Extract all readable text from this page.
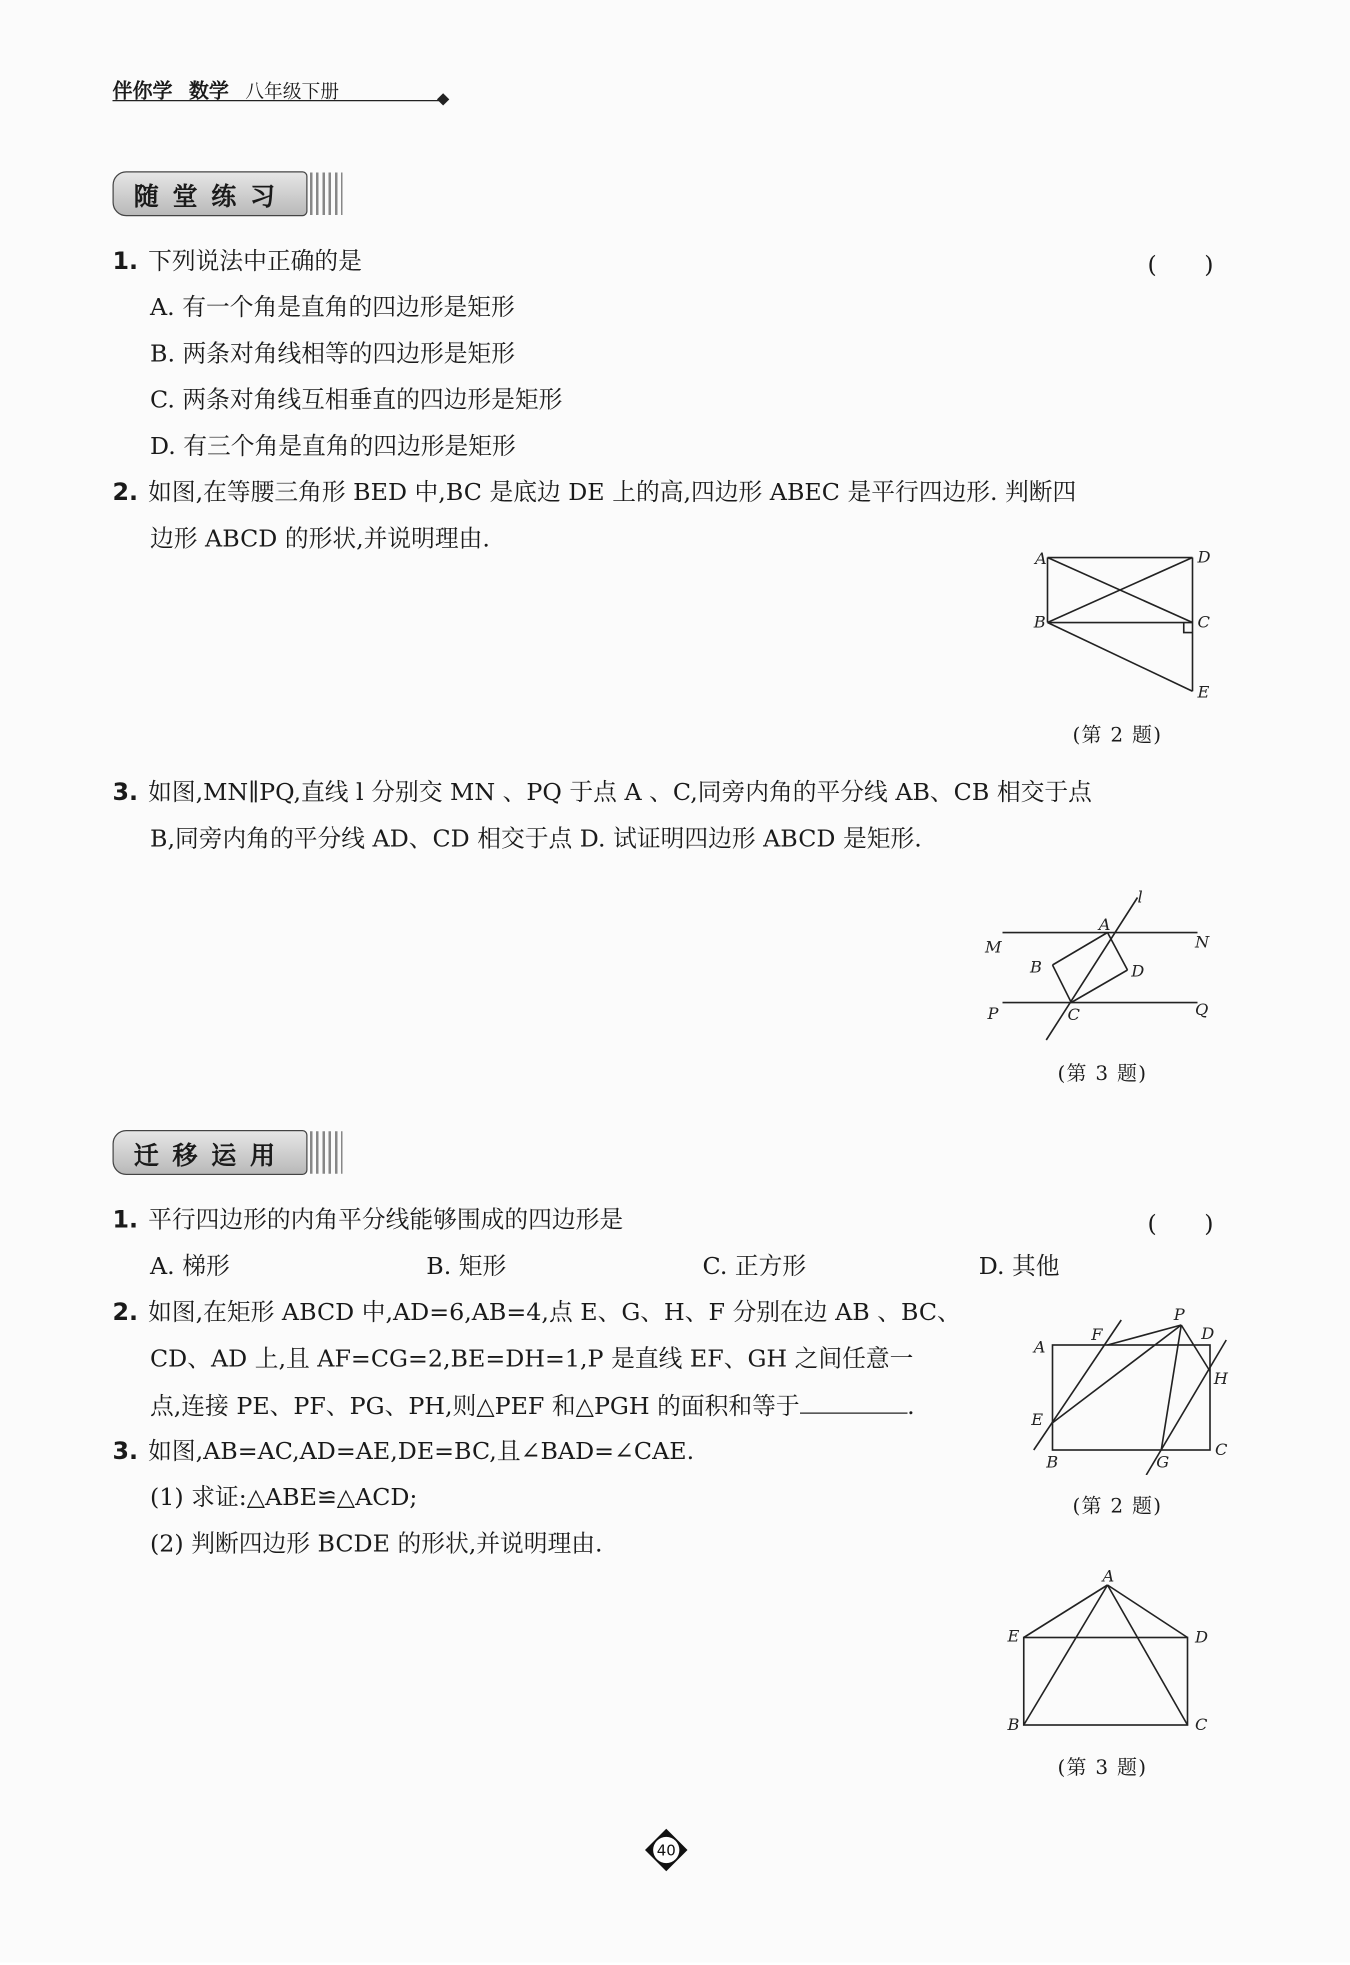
伴你学 数学 八年级下册
随堂练习
1. 下列说法中正确的是	(　　)
A. 有一个角是直角的四边形是矩形
B. 两条对角线相等的四边形是矩形
C. 两条对角线互相垂直的四边形是矩形
D. 有三个角是直角的四边形是矩形
2. 如图,在等腰三角形 BED 中,BC 是底边 DE 上的高,四边形 ABEC 是平行四边形. 判断四
边形 ABCD 的形状,并说明理由.
A	D
B	C
E
(第 2 题)
3. 如图,MN∥PQ,直线 l 分别交 MN 、PQ 于点 A 、C,同旁内角的平分线 AB、CB 相交于点
B,同旁内角的平分线 AD、CD 相交于点 D. 试证明四边形 ABCD 是矩形.
l
A
M	N
B	D
P	C	Q
(第 3 题)
迁移运用
1. 平行四边形的内角平分线能够围成的四边形是	(　　)
A. 梯形	B. 矩形	C. 正方形	D. 其他
2. 如图,在矩形 ABCD 中,AD=6,AB=4,点 E、G、H、F 分别在边 AB 、BC、
CD、AD 上,且 AF=CG=2,BE=DH=1,P 是直线 EF、GH 之间任意一
点,连接 PE、PF、PG、PH,则△PEF 和△PGH 的面积和等于	.
P
F	D
A
H
E
B	G
C
(第 2 题)
3. 如图,AB=AC,AD=AE,DE=BC,且∠BAD=∠CAE.
(1) 求证:△ABE≌△ACD;
(2) 判断四边形 BCDE 的形状,并说明理由.
A
E	D
B	C
(第 3 题)
40
